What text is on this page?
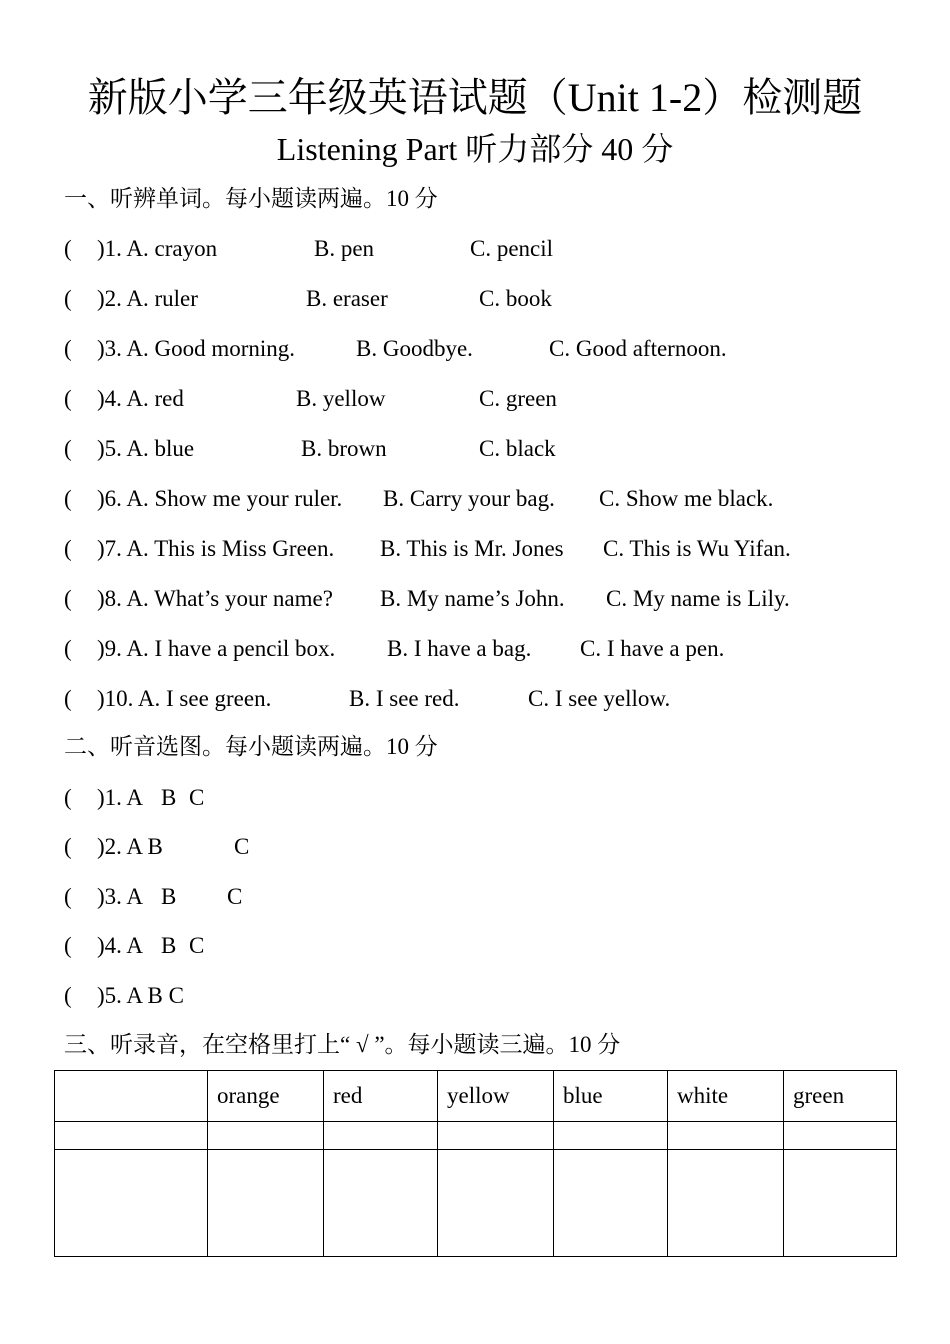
新版小学三年级英语试题（Unit 1-2）检测题
Listening Part 听力部分 40 分
一、听辨单词。每小题读两遍。10 分
( )1. A. crayon	B. pen	C. pencil
( )2. A. ruler	B. eraser	C. book
( )3. A. Good morning.	B. Goodbye.	C. Good afternoon.
( )4. A. red	B. yellow	C. green
( )5. A. blue	B. brown	C. black
( )6. A. Show me your ruler. B. Carry your bag. C. Show me black.
( )7. A. This is Miss Green. B. This is Mr. Jones C. This is Wu Yifan.
( )8. A. What’s your name? B. My name’s John. C. My name is Lily.
( )9. A. I have a pencil box. B. I have a bag. C. I have a pen.
( )10. A. I see green.	B. I see red.	C. I see yellow.
二、听音选图。每小题读两遍。10 分
( )1. A B C
( )2. A B	C
( )3. A B C
( )4. A B C
( )5. A B C
三、听录音，在空格里打上“ √ ”。每小题读三遍。10 分
	orange	red	yellow	blue	white	green
